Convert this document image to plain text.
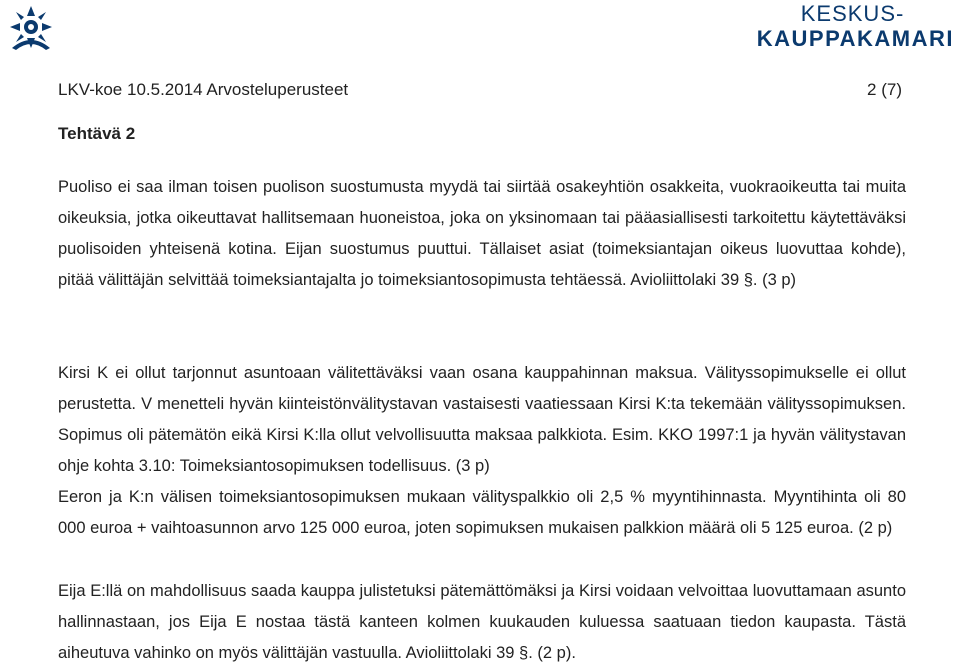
KESKUS-
KAUPPAKAMARI
LKV-koe 10.5.2014 Arvosteluperusteet	2 (7)
Tehtävä 2
Puoliso ei saa ilman toisen puolison suostumusta myydä tai siirtää osakeyhtiön osakkeita, vuokraoikeutta tai muita oikeuksia, jotka oikeuttavat hallitsemaan huoneistoa, joka on yksinomaan tai pääasiallisesti tarkoitettu käytettäväksi puolisoiden yhteisenä kotina. Eijan suostumus puuttui. Tällaiset asiat (toimeksiantajan oikeus luovuttaa kohde), pitää välittäjän selvittää toimeksiantajalta jo toimeksiantosopimusta tehtäessä. Avioliittolaki 39 §. (3 p)
Kirsi K ei ollut tarjonnut asuntoaan välitettäväksi vaan osana kauppahinnan maksua. Välityssopimukselle ei ollut perustetta. V menetteli hyvän kiinteistönvälitystavan vastaisesti vaatiessaan Kirsi K:ta tekemään välityssopimuksen. Sopimus oli pätemätön eikä Kirsi K:lla ollut velvollisuutta maksaa palkkiota. Esim. KKO 1997:1 ja hyvän välitystavan ohje kohta 3.10: Toimeksiantosopimuksen todellisuus. (3 p)
Eeron ja K:n välisen toimeksiantosopimuksen mukaan välityspalkkio oli 2,5 % myyntihinnasta. Myyntihinta oli 80 000 euroa + vaihtoasunnon arvo 125 000 euroa, joten sopimuksen mukaisen palkkion määrä oli 5 125 euroa. (2 p)
Eija E:llä on mahdollisuus saada kauppa julistetuksi pätemättömäksi ja Kirsi voidaan velvoittaa luovuttamaan asunto hallinnastaan, jos Eija E nostaa tästä kanteen kolmen kuukauden kuluessa saatuaan tiedon kaupasta. Tästä aiheutuva vahinko on myös välittäjän vastuulla. Avioliittolaki 39 §. (2 p).
